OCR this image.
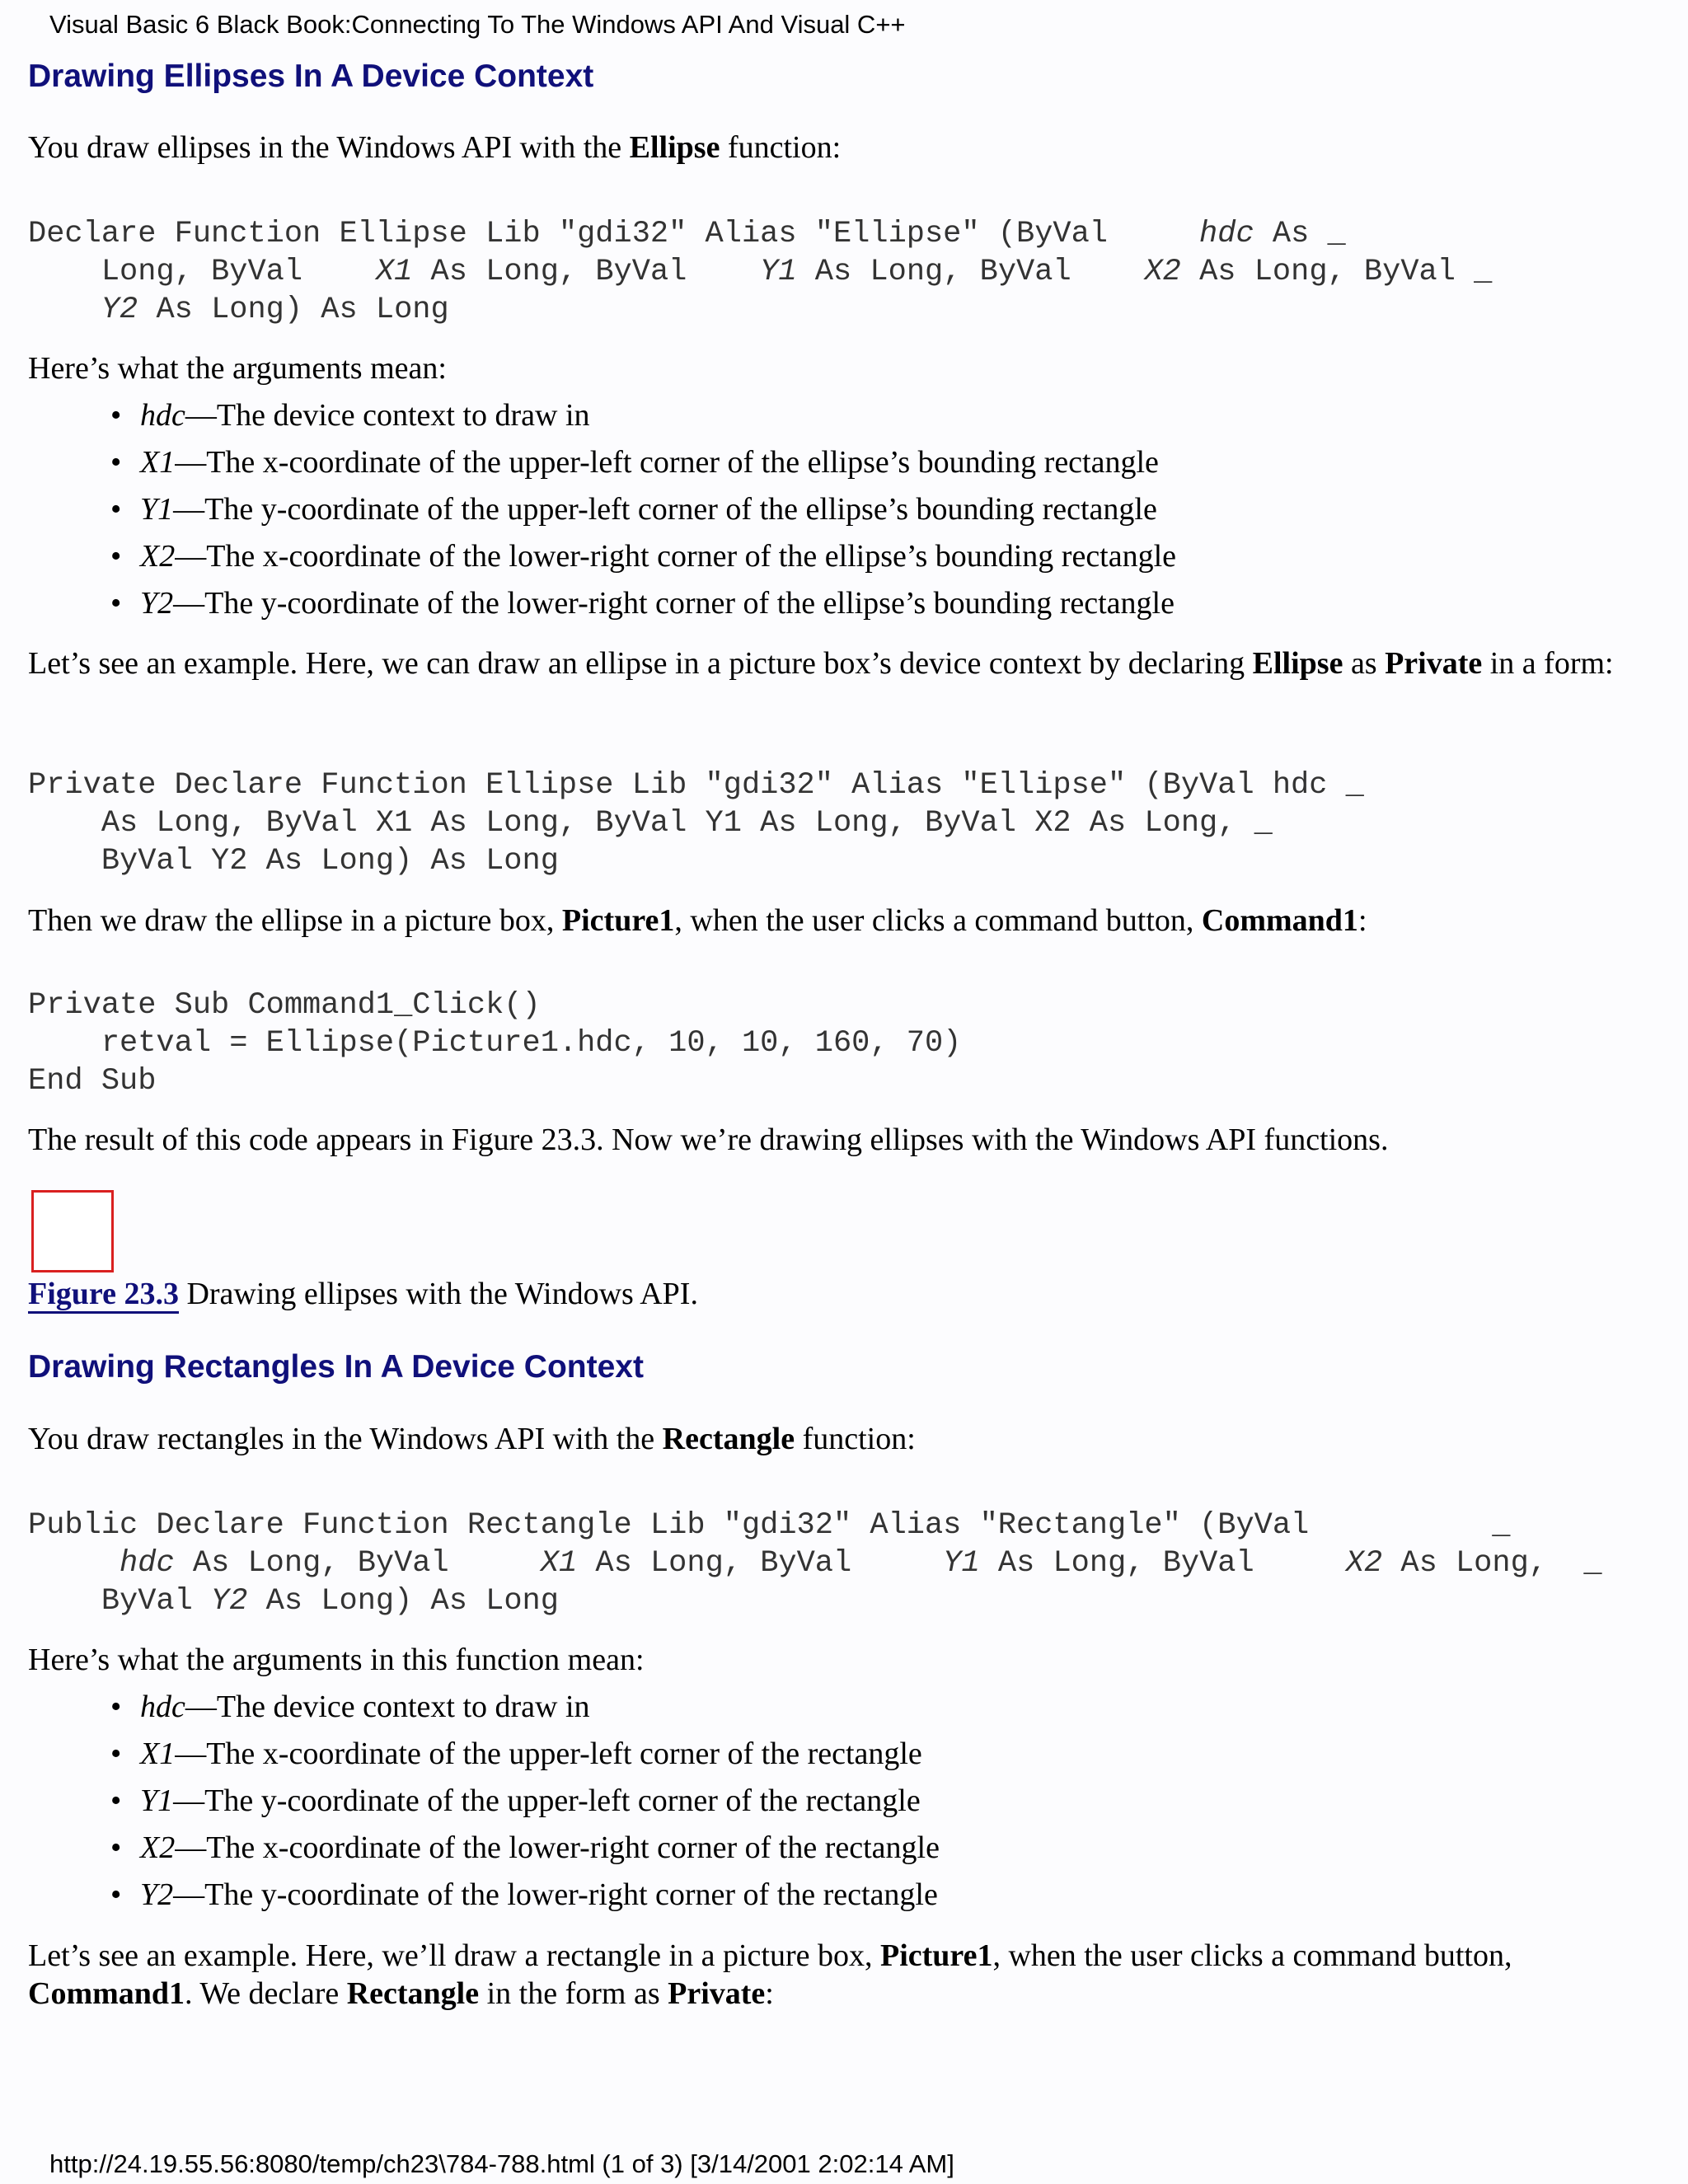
Visual Basic 6 Black Book:Connecting To The Windows API And Visual C++
Drawing Ellipses In A Device Context

You draw ellipses in the Windows API with the Ellipse function:

Declare Function Ellipse Lib "gdi32" Alias "Ellipse" (ByVal     hdc As _
Long, ByVal    X1 As Long, ByVal    Y1 As Long, ByVal    X2 As Long, ByVal _
Y2 As Long) As Long

Here’s what the arguments mean:

• hdc—The device context to draw in
• X1—The x-coordinate of the upper-left corner of the ellipse’s bounding rectangle
• Y1—The y-coordinate of the upper-left corner of the ellipse’s bounding rectangle
• X2—The x-coordinate of the lower-right corner of the ellipse’s bounding rectangle
• Y2—The y-coordinate of the lower-right corner of the ellipse’s bounding rectangle

Let’s see an example. Here, we can draw an ellipse in a picture box’s device context by declaring Ellipse as Private in a form:

Private Declare Function Ellipse Lib "gdi32" Alias "Ellipse" (ByVal hdc _
As Long, ByVal X1 As Long, ByVal Y1 As Long, ByVal X2 As Long, _
ByVal Y2 As Long) As Long

Then we draw the ellipse in a picture box, Picture1, when the user clicks a command button, Command1:

Private Sub Command1_Click()
retval = Ellipse(Picture1.hdc, 10, 10, 160, 70)
End Sub

The result of this code appears in Figure 23.3. Now we’re drawing ellipses with the Windows API functions.

Figure 23.3 Drawing ellipses with the Windows API.
Drawing Rectangles In A Device Context

You draw rectangles in the Windows API with the Rectangle function:

Public Declare Function Rectangle Lib "gdi32" Alias "Rectangle" (ByVal          _
hdc As Long, ByVal     X1 As Long, ByVal     Y1 As Long, ByVal     X2 As Long,  _
ByVal Y2 As Long) As Long

Here’s what the arguments in this function mean:

• hdc—The device context to draw in
• X1—The x-coordinate of the upper-left corner of the rectangle
• Y1—The y-coordinate of the upper-left corner of the rectangle
• X2—The x-coordinate of the lower-right corner of the rectangle
• Y2—The y-coordinate of the lower-right corner of the rectangle

Let’s see an example. Here, we’ll draw a rectangle in a picture box, Picture1, when the user clicks a command button, Command1. We declare Rectangle in the form as Private:

http://24.19.55.56:8080/temp/ch23\784-788.html (1 of 3) [3/14/2001 2:02:14 AM]
